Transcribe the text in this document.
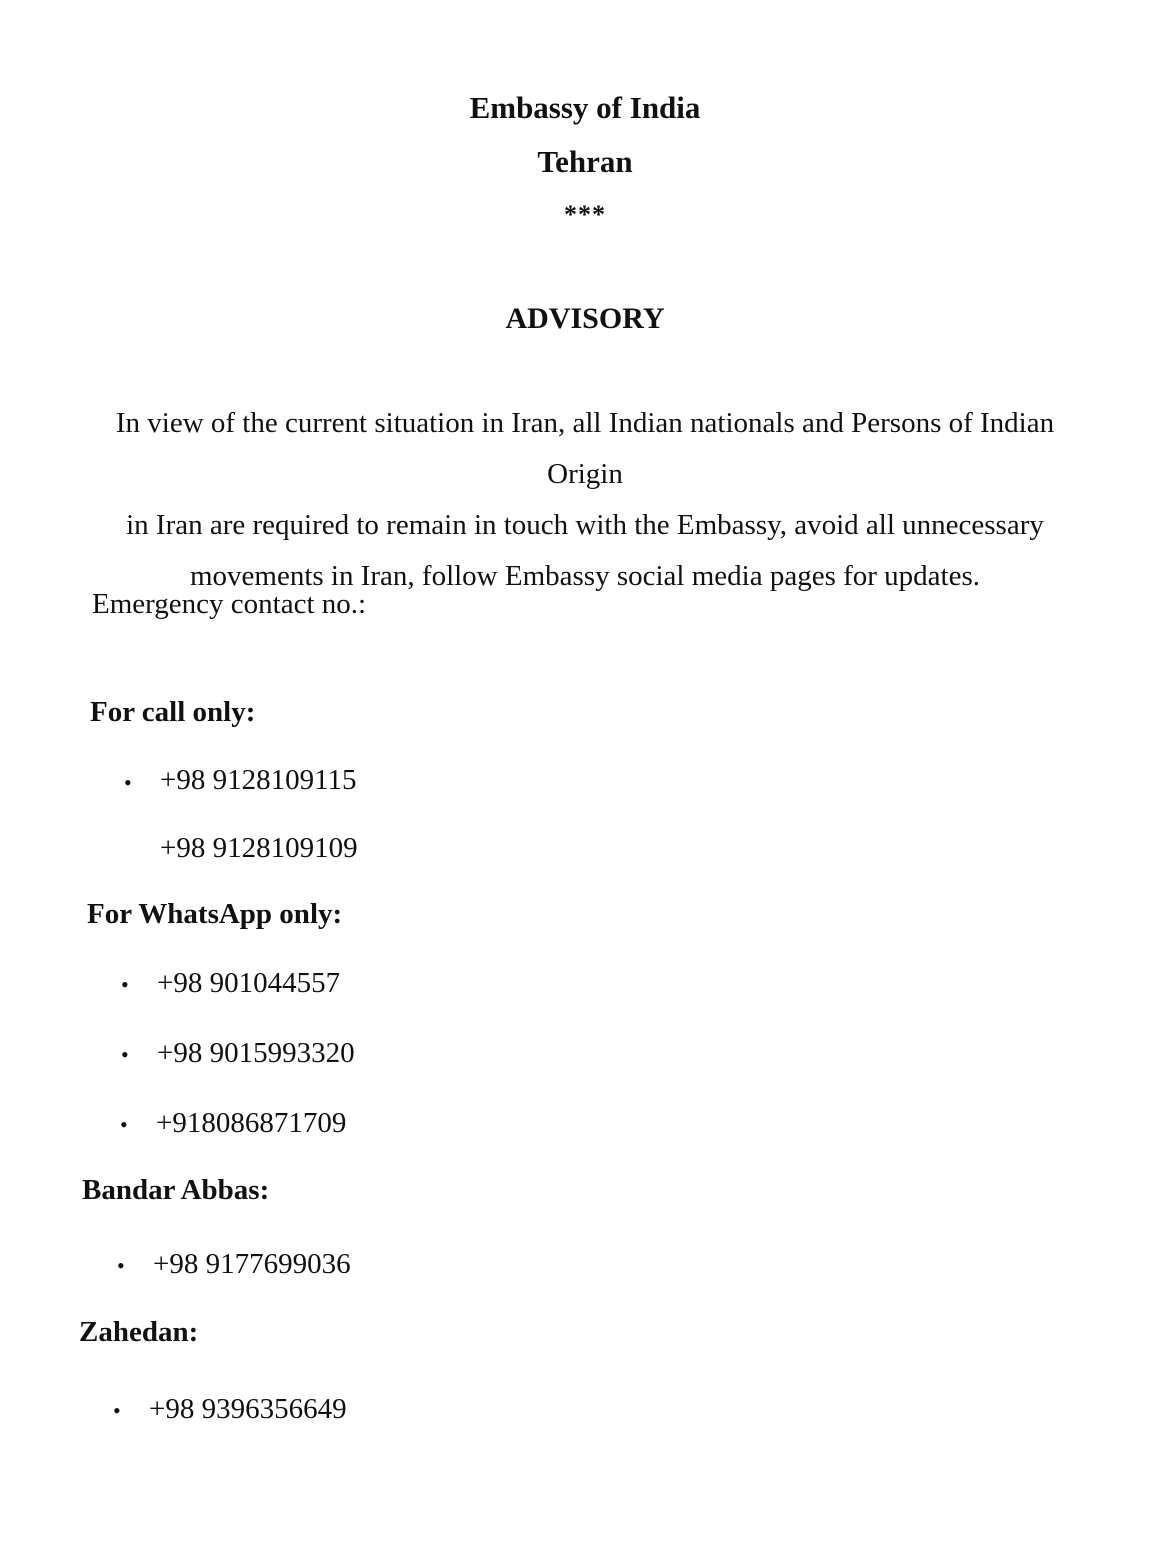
Embassy of India
Tehran
***
ADVISORY
In view of the current situation in Iran, all Indian nationals and Persons of Indian Origin
in Iran are required to remain in touch with the Embassy, avoid all unnecessary
movements in Iran, follow Embassy social media pages for updates.
Emergency contact no.:
For call only:
• +98 9128109115
+98 9128109109
For WhatsApp only:
• +98 901044557
• +98 9015993320
• +918086871709
Bandar Abbas:
• +98 9177699036
Zahedan:
• +98 9396356649
